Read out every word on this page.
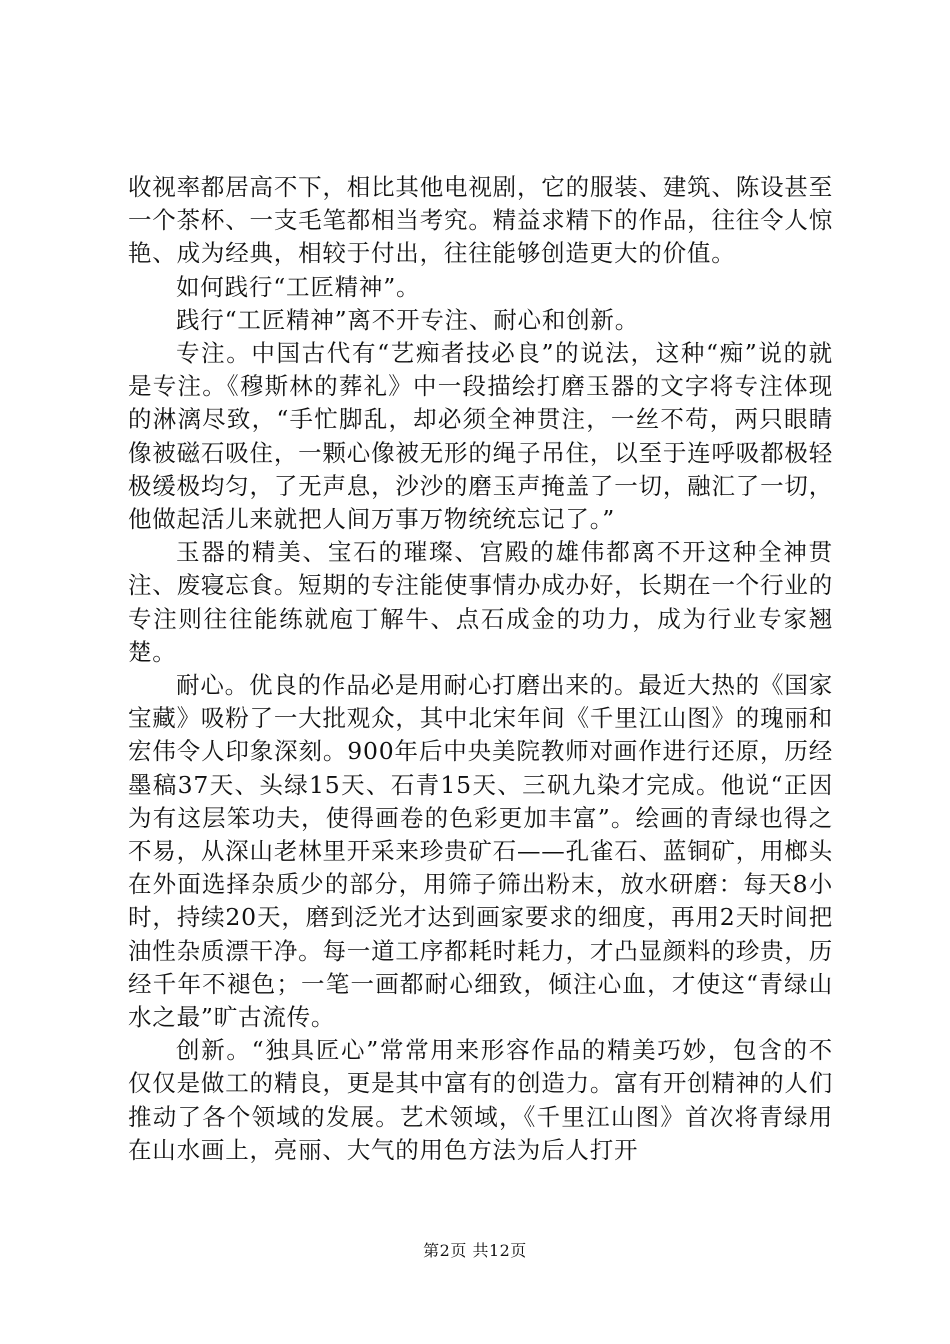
收视率都居高不下，相比其他电视剧，它的服装、建筑、陈设甚至一个茶杯、一支毛笔都相当考究。精益求精下的作品，往往令人惊艳、成为经典，相较于付出，往往能够创造更大的价值。

如何践行“工匠精神”。

践行“工匠精神”离不开专注、耐心和创新。

专注。中国古代有“艺痴者技必良”的说法，这种“痴”说的就是专注。《穆斯林的葬礼》中一段描绘打磨玉器的文字将专注体现的淋漓尽致，“手忙脚乱，却必须全神贯注，一丝不苟，两只眼睛像被磁石吸住，一颗心像被无形的绳子吊住，以至于连呼吸都极轻极缓极均匀，了无声息，沙沙的磨玉声掩盖了一切，融汇了一切，他做起活儿来就把人间万事万物统统忘记了。”

玉器的精美、宝石的璀璨、宫殿的雄伟都离不开这种全神贯注、废寝忘食。短期的专注能使事情办成办好，长期在一个行业的专注则往往能练就庖丁解牛、点石成金的功力，成为行业专家翘楚。

耐心。优良的作品必是用耐心打磨出来的。最近大热的《国家宝藏》吸粉了一大批观众，其中北宋年间《千里江山图》的瑰丽和宏伟令人印象深刻。900年后中央美院教师对画作进行还原，历经墨稿37天、头绿15天、石青15天、三矾九染才完成。他说“正因为有这层笨功夫，使得画卷的色彩更加丰富”。绘画的青绿也得之不易，从深山老林里开采来珍贵矿石——孔雀石、蓝铜矿，用榔头在外面选择杂质少的部分，用筛子筛出粉末，放水研磨：每天8小时，持续20天，磨到泛光才达到画家要求的细度，再用2天时间把油性杂质漂干净。每一道工序都耗时耗力，才凸显颜料的珍贵，历经千年不褪色；一笔一画都耐心细致，倾注心血，才使这“青绿山水之最”旷古流传。

创新。“独具匠心”常常用来形容作品的精美巧妙，包含的不仅仅是做工的精良，更是其中富有的创造力。富有开创精神的人们推动了各个领域的发展。艺术领域，《千里江山图》首次将青绿用在山水画上，亮丽、大气的用色方法为后人打开

第2页 共12页
